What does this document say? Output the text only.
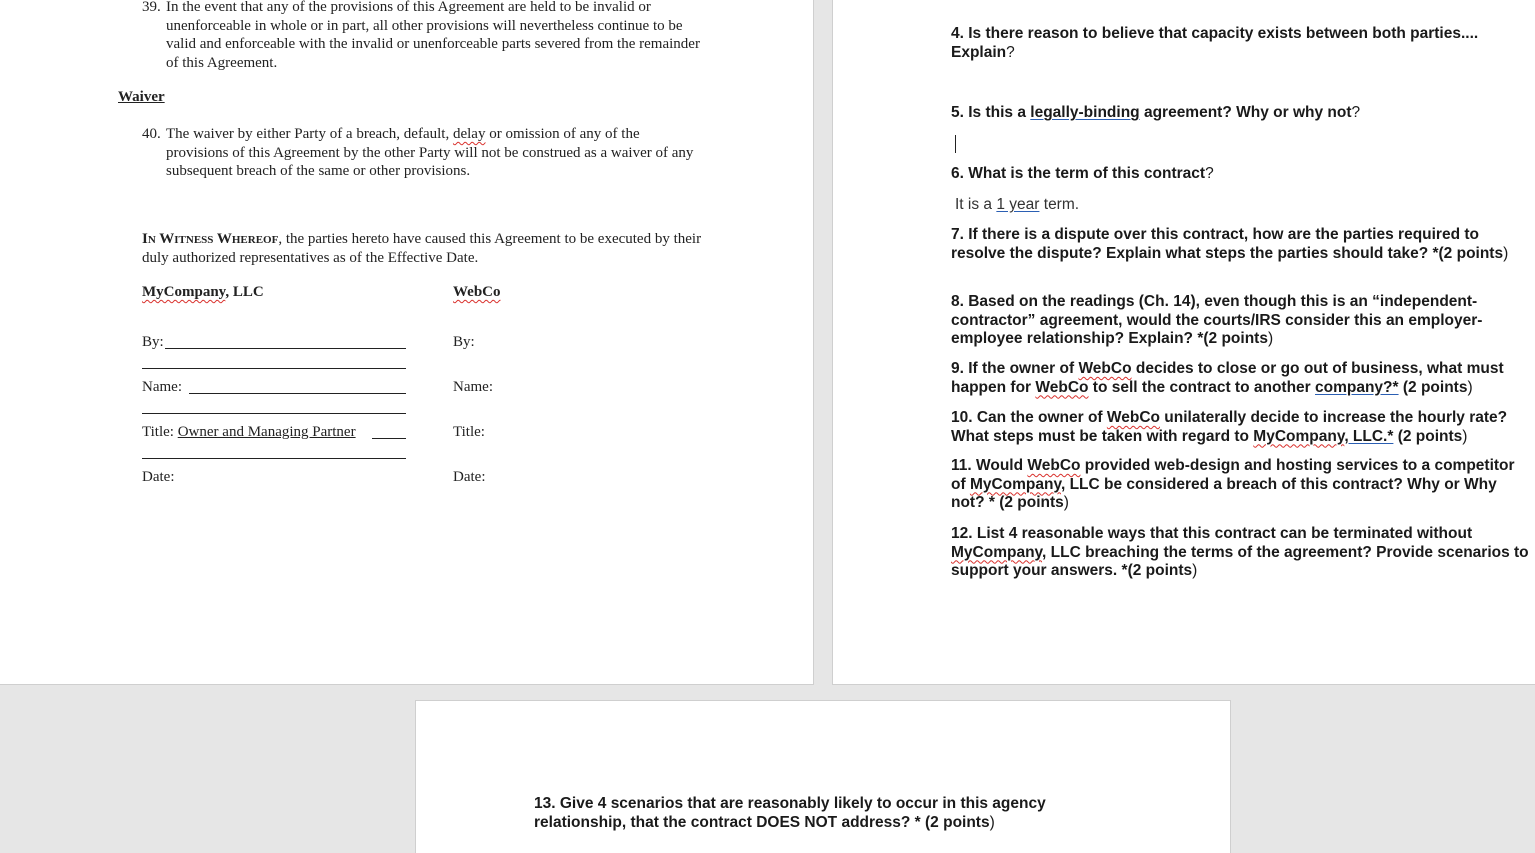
39. In the event that any of the provisions of this Agreement are held to be invalid or unenforceable in whole or in part, all other provisions will nevertheless continue to be valid and enforceable with the invalid or unenforceable parts severed from the remainder of this Agreement.
Waiver
40. The waiver by either Party of a breach, default, delay or omission of any of the provisions of this Agreement by the other Party will not be construed as a waiver of any subsequent breach of the same or other provisions.
In Witness Whereof, the parties hereto have caused this Agreement to be executed by their duly authorized representatives as of the Effective Date.
MyCompany, LLC	WebCo
By:
Name:
Title: Owner and Managing Partner
Date:
By:
Name:
Title:
Date:
4. Is there reason to believe that capacity exists between both parties.... Explain?
5. Is this a legally-binding agreement? Why or why not?
6. What is the term of this contract?
It is a 1 year term.
7. If there is a dispute over this contract, how are the parties required to resolve the dispute? Explain what steps the parties should take? *(2 points)
8. Based on the readings (Ch. 14), even though this is an “independent-contractor” agreement, would the courts/IRS consider this an employer-employee relationship? Explain? *(2 points)
9. If the owner of WebCo decides to close or go out of business, what must happen for WebCo to sell the contract to another company?* (2 points)
10. Can the owner of WebCo unilaterally decide to increase the hourly rate? What steps must be taken with regard to MyCompany, LLC.* (2 points)
11. Would WebCo provided web-design and hosting services to a competitor of MyCompany, LLC be considered a breach of this contract? Why or Why not? * (2 points)
12. List 4 reasonable ways that this contract can be terminated without MyCompany, LLC breaching the terms of the agreement? Provide scenarios to support your answers. *(2 points)
13. Give 4 scenarios that are reasonably likely to occur in this agency relationship, that the contract DOES NOT address? * (2 points)
